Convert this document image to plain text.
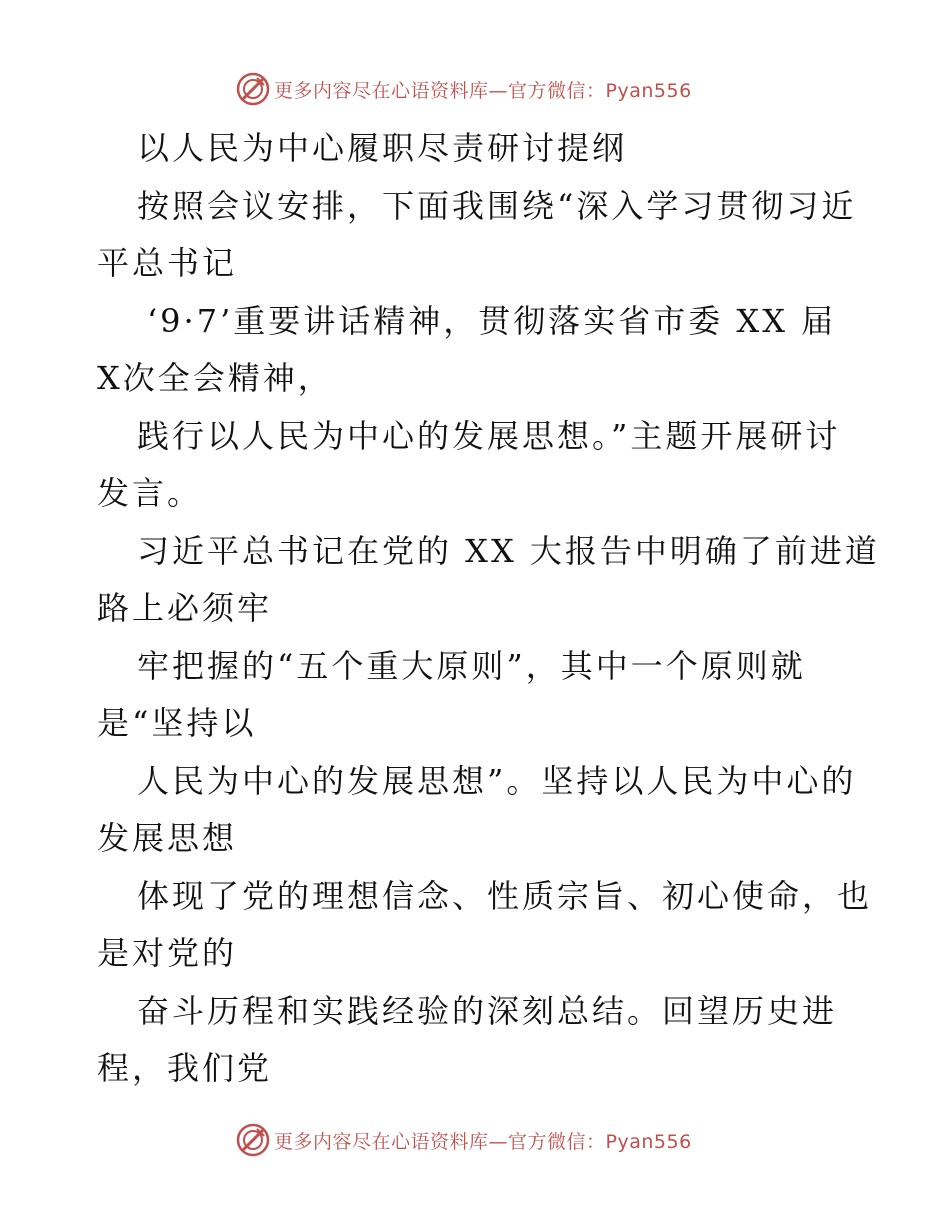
更多内容尽在心语资料库—官方微信：Pyan556
以人民为中心履职尽责研讨提纲
按照会议安排，下面我围绕“深入学习贯彻习近
平总书记
‘9·7’重要讲话精神，贯彻落实省市委 XX 届
X次全会精神，
践行以人民为中心的发展思想。”主题开展研讨
发言。
习近平总书记在党的 XX 大报告中明确了前进道
路上必须牢
牢把握的“五个重大原则”，其中一个原则就
是“坚持以
人民为中心的发展思想”。坚持以人民为中心的
发展思想
体现了党的理想信念、性质宗旨、初心使命，也
是对党的
奋斗历程和实践经验的深刻总结。回望历史进
程，我们党
更多内容尽在心语资料库—官方微信：Pyan556
